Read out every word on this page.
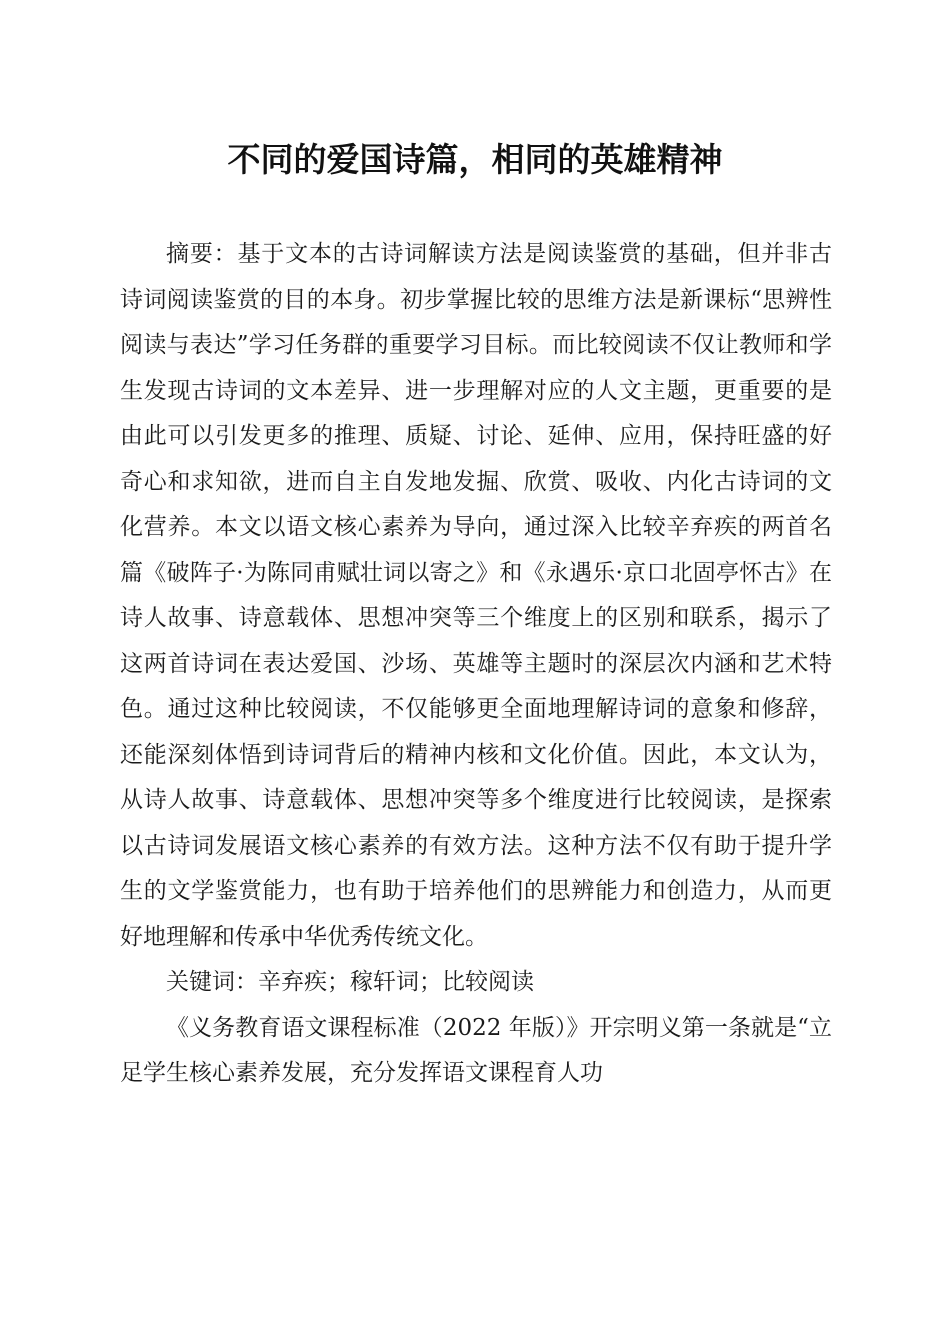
不同的爱国诗篇，相同的英雄精神

摘要：基于文本的古诗词解读方法是阅读鉴赏的基础，但并非古诗词阅读鉴赏的目的本身。初步掌握比较的思维方法是新课标“思辨性阅读与表达”学习任务群的重要学习目标。而比较阅读不仅让教师和学生发现古诗词的文本差异、进一步理解对应的人文主题，更重要的是由此可以引发更多的推理、质疑、讨论、延伸、应用，保持旺盛的好奇心和求知欲，进而自主自发地发掘、欣赏、吸收、内化古诗词的文化营养。本文以语文核心素养为导向，通过深入比较辛弃疾的两首名篇《破阵子·为陈同甫赋壮词以寄之》和《永遇乐·京口北固亭怀古》在诗人故事、诗意载体、思想冲突等三个维度上的区别和联系，揭示了这两首诗词在表达爱国、沙场、英雄等主题时的深层次内涵和艺术特色。通过这种比较阅读，不仅能够更全面地理解诗词的意象和修辞，还能深刻体悟到诗词背后的精神内核和文化价值。因此，本文认为，从诗人故事、诗意载体、思想冲突等多个维度进行比较阅读，是探索以古诗词发展语文核心素养的有效方法。这种方法不仅有助于提升学生的文学鉴赏能力，也有助于培养他们的思辨能力和创造力，从而更好地理解和传承中华优秀传统文化。

关键词：辛弃疾；稼轩词；比较阅读

《义务教育语文课程标准（2022 年版）》开宗明义第一条就是“立足学生核心素养发展，充分发挥语文课程育人功
